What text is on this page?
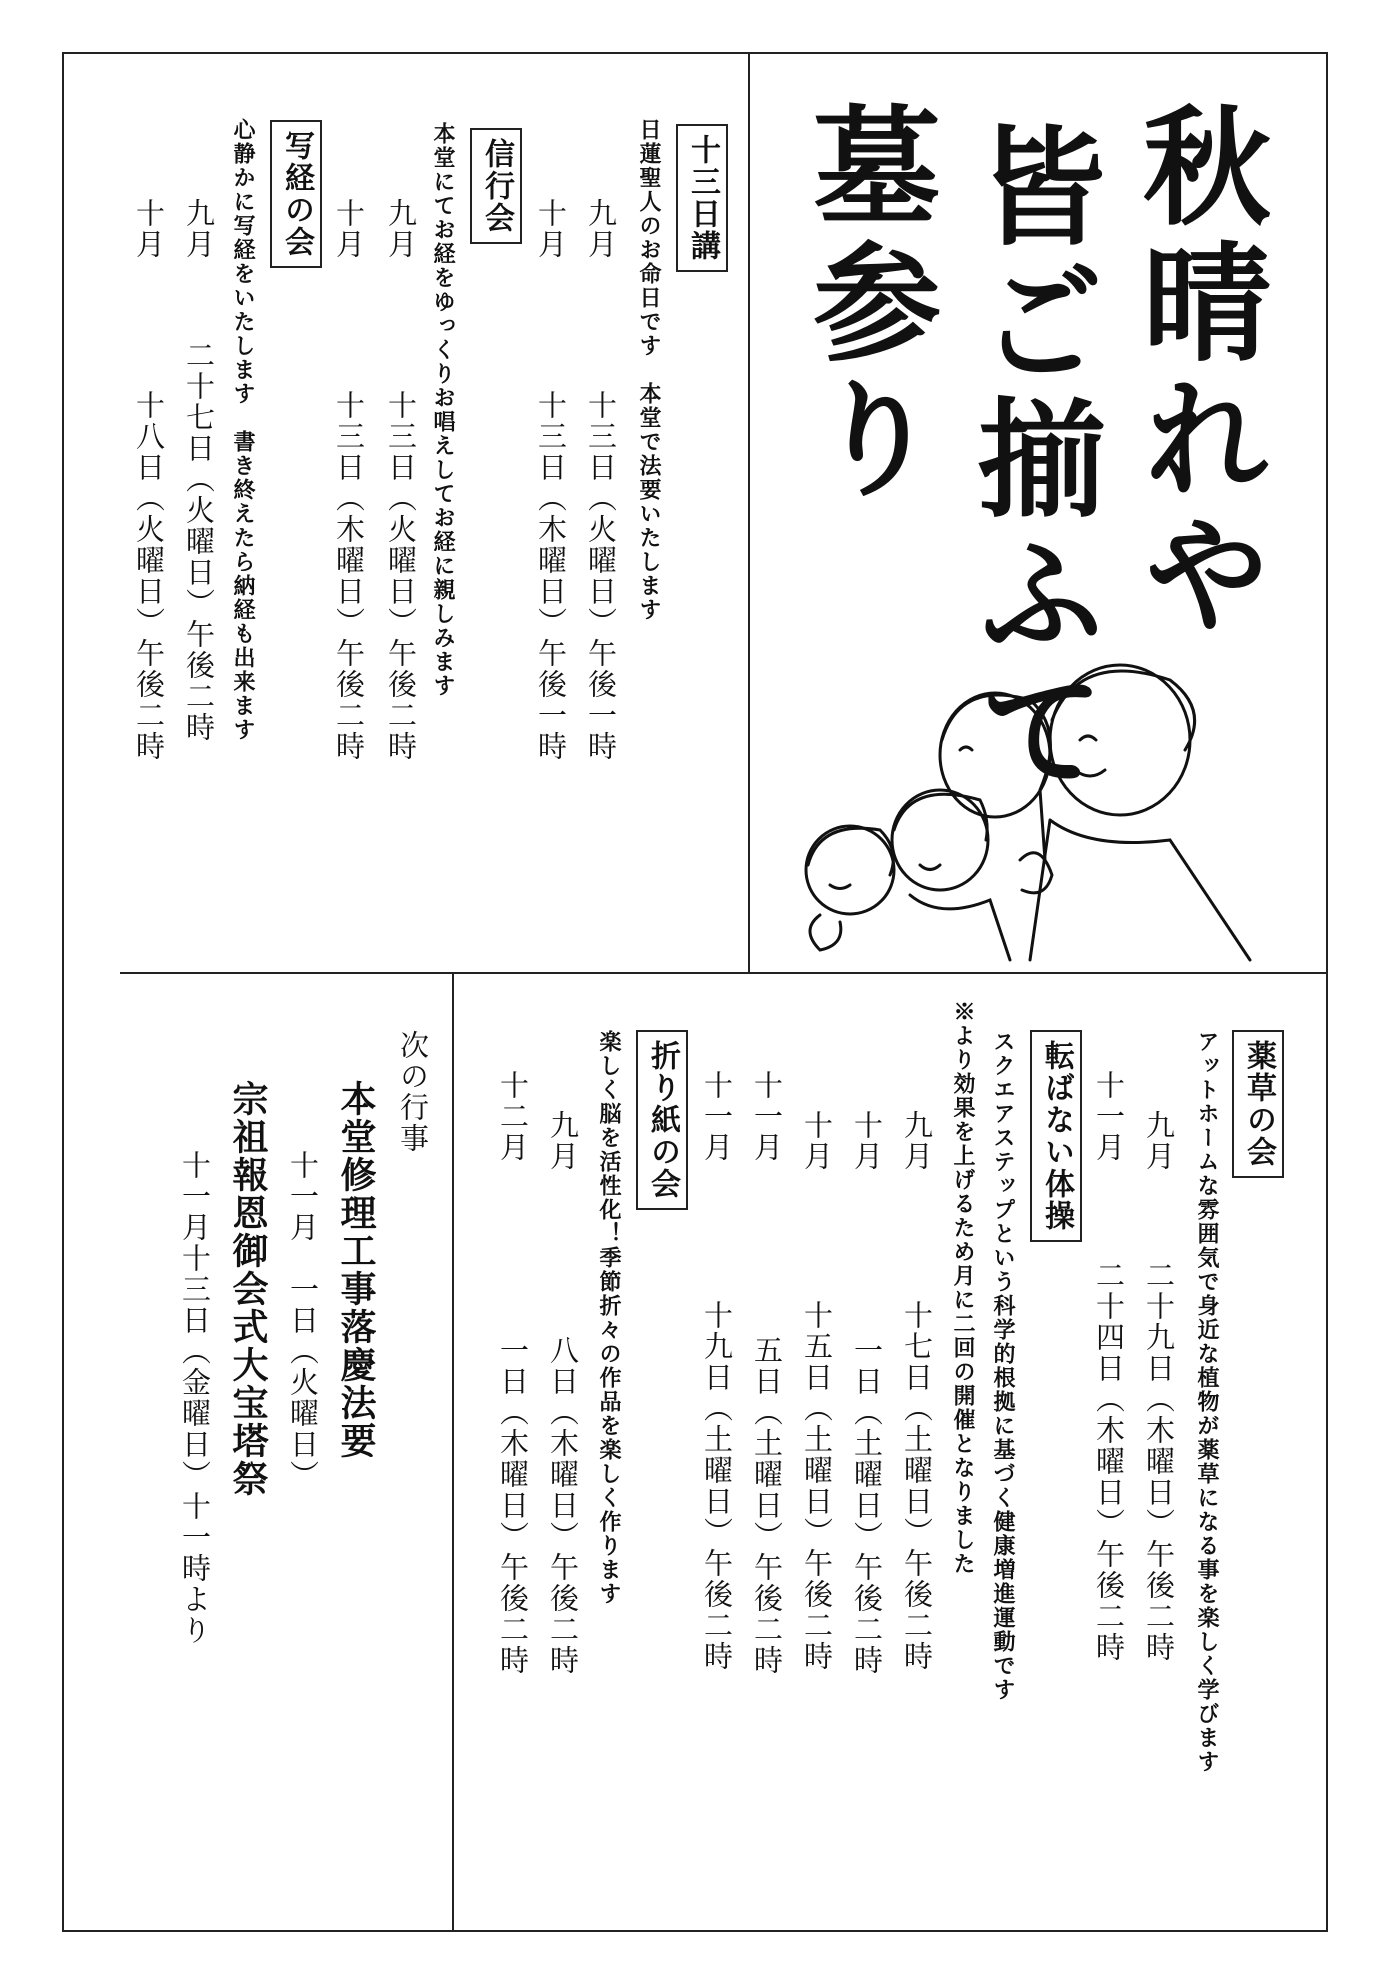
秋晴れや
皆ご揃ふて
墓参り
十三日講
日蓮聖人のお命日です　本堂で法要いたします
九月
十三日（火曜日）午後一時
十月
十三日（木曜日）午後一時
信行会
本堂にてお経をゆっくりお唱えしてお経に親しみます
九月
十三日（火曜日）午後二時
十月
十三日（木曜日）午後二時
写経の会
心静かに写経をいたします　書き終えたら納経も出来ます
九月
二十七日（火曜日）午後二時
十月
十八日（火曜日）午後二時
薬草の会
アットホームな雰囲気で身近な植物が薬草になる事を楽しく学びます
九月
二十九日（木曜日）午後二時
十一月
二十四日（木曜日）午後二時
転ばない体操
スクエアステップという科学的根拠に基づく健康増進運動です
※より効果を上げるため月に二回の開催となりました
九月
十七日（土曜日）午後二時
十月
一日（土曜日）午後二時
十月
十五日（土曜日）午後二時
十一月
五日（土曜日）午後二時
十一月
十九日（土曜日）午後二時
折り紙の会
楽しく脳を活性化！季節折々の作品を楽しく作ります
九月
八日（木曜日）午後二時
十二月
一日（木曜日）午後二時
次の行事
本堂修理工事落慶法要
十一月　一日（火曜日）
宗祖報恩御会式大宝塔祭
十一月十三日（金曜日）十一時より
